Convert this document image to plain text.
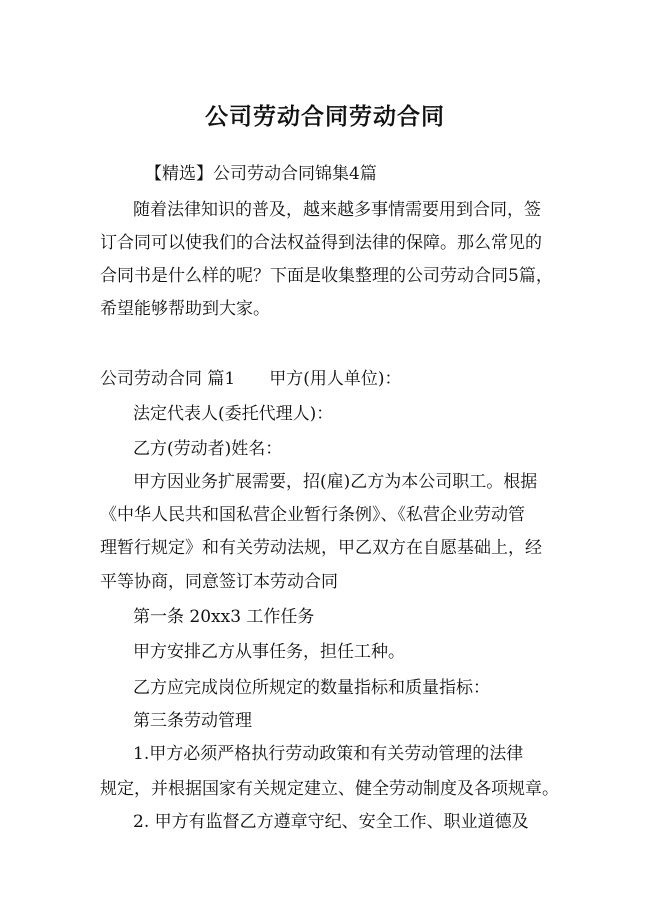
公司劳动合同劳动合同
【精选】公司劳动合同锦集4篇
随着法律知识的普及，越来越多事情需要用到合同，签
订合同可以使我们的合法权益得到法律的保障。那么常见的
合同书是什么样的呢？下面是收集整理的公司劳动合同5篇，
希望能够帮助到大家。
公司劳动合同 篇1 甲方(用人单位)：
法定代表人(委托代理人)：
乙方(劳动者)姓名：
甲方因业务扩展需要，招(雇)乙方为本公司职工。根据
《中华人民共和国私营企业暂行条例》、《私营企业劳动管
理暂行规定》和有关劳动法规，甲乙双方在自愿基础上，经
平等协商，同意签订本劳动合同
第一条 20xx3 工作任务
甲方安排乙方从事任务，担任工种。
乙方应完成岗位所规定的数量指标和质量指标：
第三条劳动管理
1.甲方必须严格执行劳动政策和有关劳动管理的法律
规定，并根据国家有关规定建立、健全劳动制度及各项规章。
2. 甲方有监督乙方遵章守纪、安全工作、职业道德及
